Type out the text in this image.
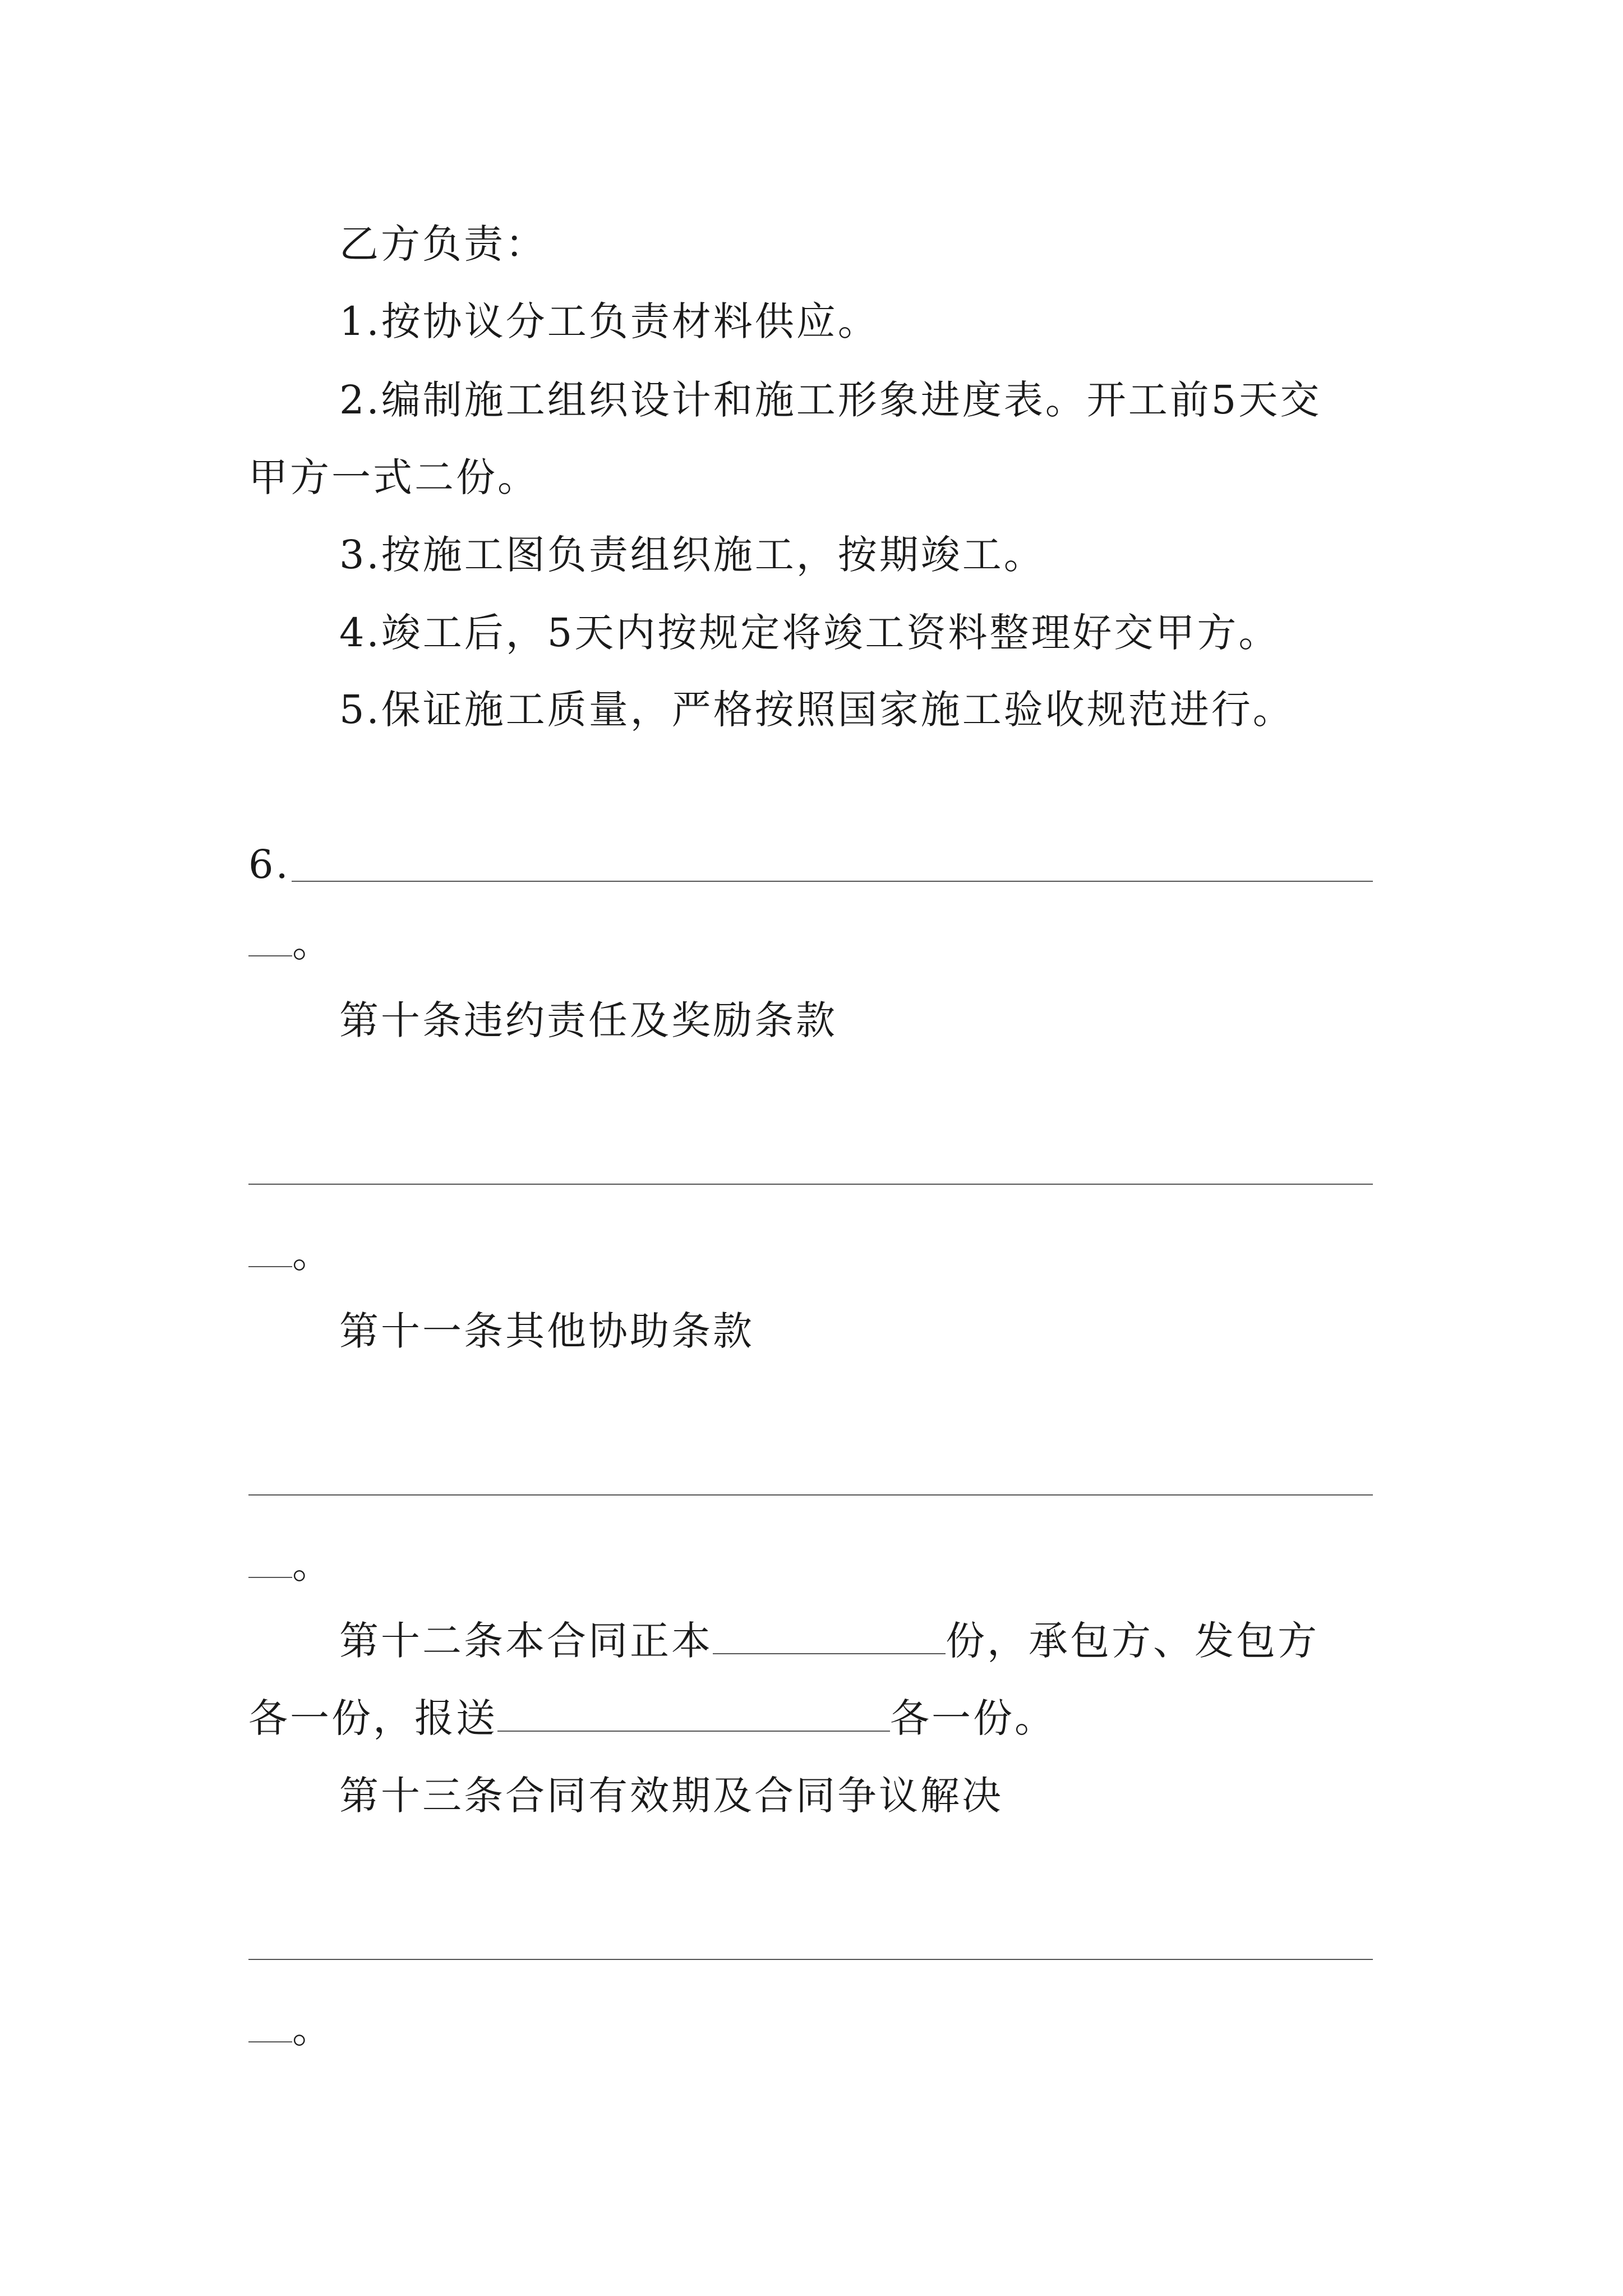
乙方负责：
1.按协议分工负责材料供应。
2.编制施工组织设计和施工形象进度表。开工前5天交
甲方一式二份。
3.按施工图负责组织施工，按期竣工。
4.竣工后，5天内按规定将竣工资料整理好交甲方。
5.保证施工质量，严格按照国家施工验收规范进行。
6.
。
第十条违约责任及奖励条款
。
第十一条其他协助条款
。
第十二条本合同正本	份，承包方、发包方
各一份，报送	各一份。
第十三条合同有效期及合同争议解决
。
